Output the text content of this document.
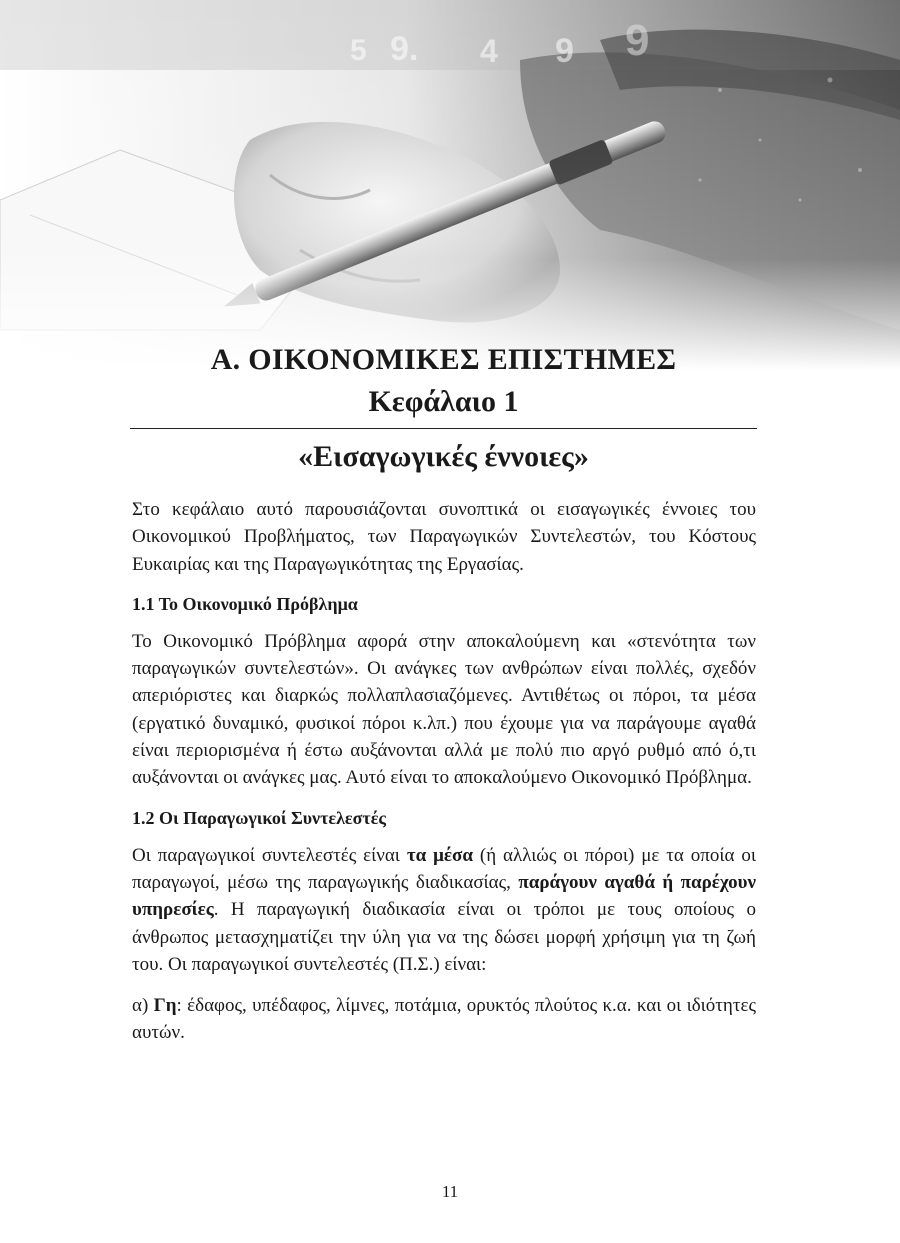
Α. ΟΙΚΟΝΟΜΙΚΕΣ ΕΠΙΣΤΗΜΕΣ
Κεφάλαιο 1
«Εισαγωγικές έννοιες»

Στο κεφάλαιο αυτό παρουσιάζονται συνοπτικά οι εισαγωγικές έννοιες του Οικονομικού Προβλήματος, των Παραγωγικών Συντελεστών, του Κόστους Ευκαιρίας και της Παραγωγικότητας της Εργασίας.

1.1 Το Οικονομικό Πρόβλημα

Το Οικονομικό Πρόβλημα αφορά στην αποκαλούμενη και «στενότητα των παραγωγικών συντελεστών». Οι ανάγκες των ανθρώπων είναι πολλές, σχεδόν απεριόριστες και διαρκώς πολλαπλασιαζόμενες. Αντιθέτως οι πόροι, τα μέσα (εργατικό δυναμικό, φυσικοί πόροι κ.λπ.) που έχουμε για να παράγουμε αγαθά είναι περιορισμένα ή έστω αυξάνονται αλλά με πολύ πιο αργό ρυθμό από ό,τι αυξάνονται οι ανάγκες μας. Αυτό είναι το αποκαλούμενο Οικονομικό Πρόβλημα.

1.2 Οι Παραγωγικοί Συντελεστές

Οι παραγωγικοί συντελεστές είναι τα μέσα (ή αλλιώς οι πόροι) με τα οποία οι παραγωγοί, μέσω της παραγωγικής διαδικασίας, παράγουν αγαθά ή παρέχουν υπηρεσίες. Η παραγωγική διαδικασία είναι οι τρόποι με τους οποίους ο άνθρωπος μετασχηματίζει την ύλη για να της δώσει μορφή χρήσιμη για τη ζωή του. Οι παραγωγικοί συντελεστές (Π.Σ.) είναι:

α) Γη: έδαφος, υπέδαφος, λίμνες, ποτάμια, ορυκτός πλούτος κ.α. και οι ιδιότητες αυτών.

11
